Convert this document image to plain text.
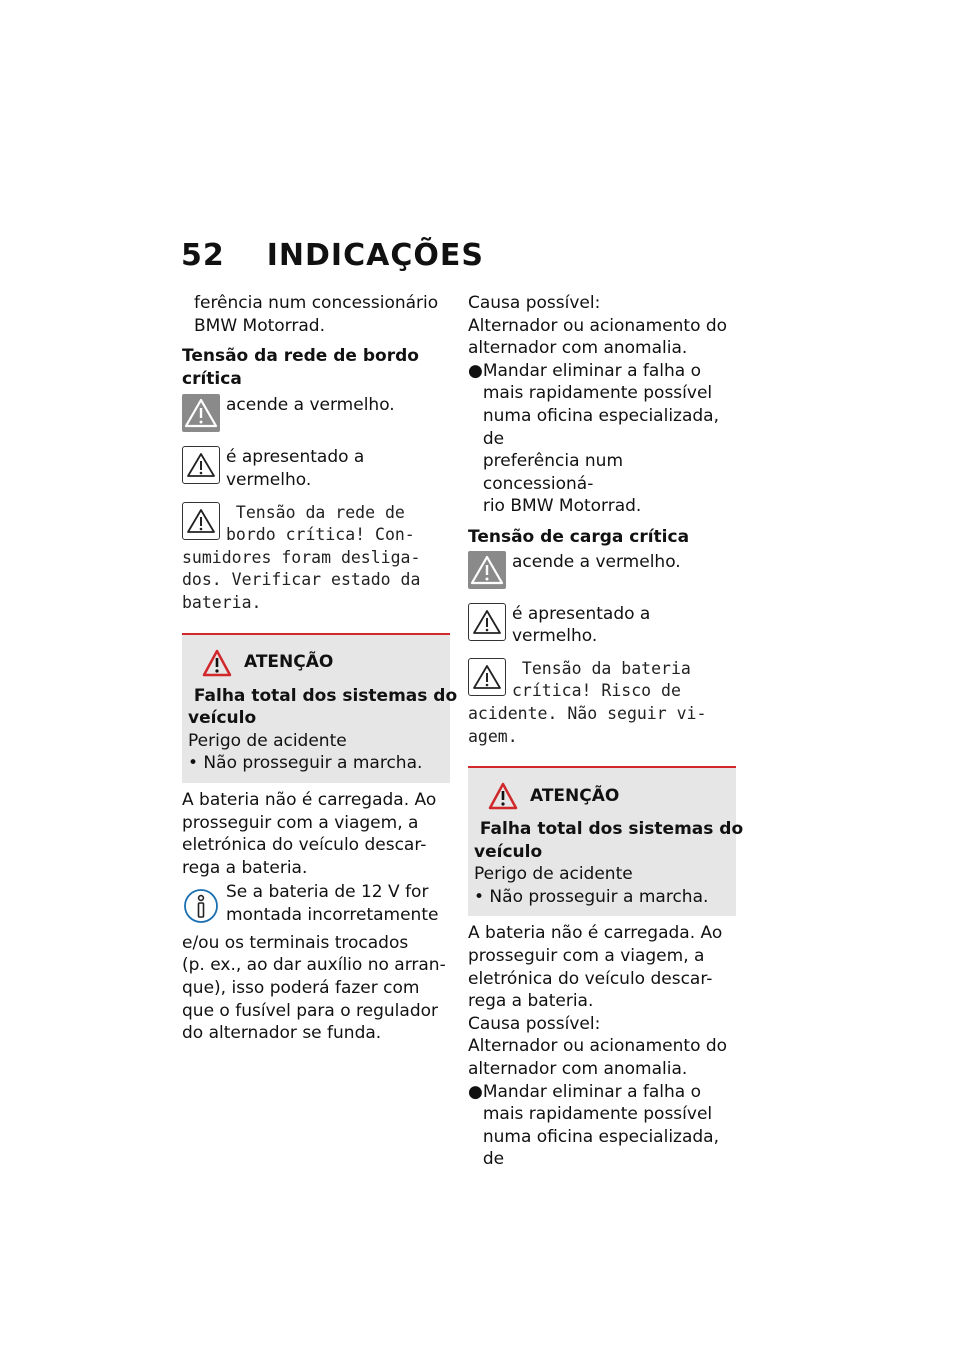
52 INDICAÇÕES

ferência num concessionário

BMW Motorrad.

Tensão da rede de bordo
crítica

acende a vermelho.
é apresentado a vermelho.
Tensão da rede de
bordo crítica! Con-
sumidores foram desliga-
dos. Verificar estado da
bateria.
ATENÇÃO

Falha total dos sistemas do
veículo

Perigo de acidente

• Não prosseguir a marcha.

A bateria não é carregada. Ao

prosseguir com a viagem, a

eletrónica do veículo descar-

rega a bateria.

Se a bateria de 12 V for

montada incorretamente

e/ou os terminais trocados

(p. ex., ao dar auxílio no arran-

que), isso poderá fazer com

que o fusível para o regulador

do alternador se funda.

Causa possível:

Alternador ou acionamento do

alternador com anomalia.

● Mandar eliminar a falha o

mais rapidamente possível

numa oficina especializada, de

preferência num concessioná-

rio BMW Motorrad.

Tensão de carga crítica

acende a vermelho.
é apresentado a vermelho.
Tensão da bateria
crítica! Risco de
acidente. Não seguir vi-
agem.
ATENÇÃO

Falha total dos sistemas do
veículo

Perigo de acidente

• Não prosseguir a marcha.

A bateria não é carregada. Ao

prosseguir com a viagem, a

eletrónica do veículo descar-

rega a bateria.

Causa possível:

Alternador ou acionamento do

alternador com anomalia.

● Mandar eliminar a falha o

mais rapidamente possível

numa oficina especializada, de
